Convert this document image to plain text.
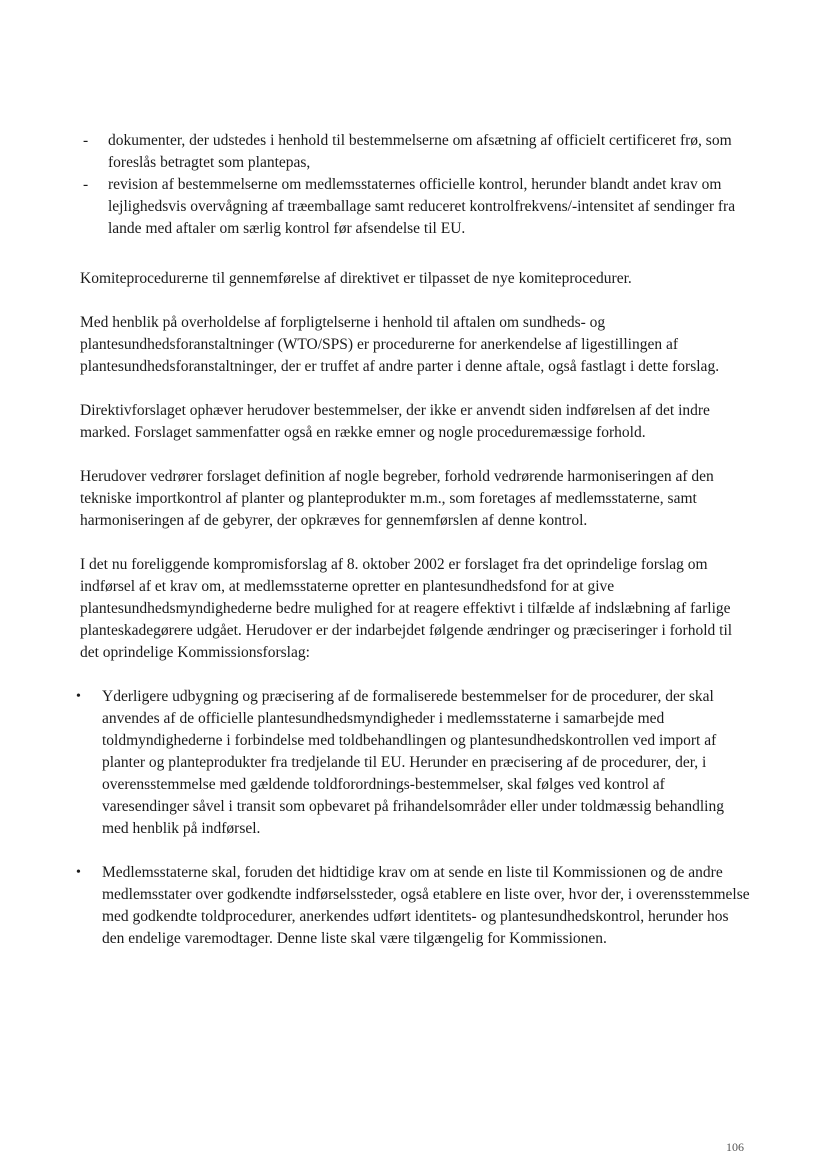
- dokumenter, der udstedes i henhold til bestemmelserne om afsætning af officielt certificeret frø, som foreslås betragtet som plantepas,
- revision af bestemmelserne om medlemsstaternes officielle kontrol, herunder blandt andet krav om lejlighedsvis overvågning af træemballage samt reduceret kontrolfrekvens/-intensitet af sendinger fra lande med aftaler om særlig kontrol før afsendelse til EU.

Komiteprocedurerne til gennemførelse af direktivet er tilpasset de nye komiteprocedurer.

Med henblik på overholdelse af forpligtelserne i henhold til aftalen om sundheds- og plantesundhedsforanstaltninger (WTO/SPS) er procedurerne for anerkendelse af ligestillingen af plantesundhedsforanstaltninger, der er truffet af andre parter i denne aftale, også fastlagt i dette forslag.

Direktivforslaget ophæver herudover bestemmelser, der ikke er anvendt siden indførelsen af det indre marked. Forslaget sammenfatter også en række emner og nogle proceduremæssige forhold.

Herudover vedrører forslaget definition af nogle begreber, forhold vedrørende harmoniseringen af den tekniske importkontrol af planter og planteprodukter m.m., som foretages af medlemsstaterne, samt harmoniseringen af de gebyrer, der opkræves for gennemførslen af denne kontrol.

I det nu foreliggende kompromisforslag af 8. oktober 2002 er forslaget fra det oprindelige forslag om indførsel af et krav om, at medlemsstaterne opretter en plantesundhedsfond for at give plantesundhedsmyndighederne bedre mulighed for at reagere effektivt i tilfælde af indslæbning af farlige planteskadegørere udgået. Herudover er der indarbejdet følgende ændringer og præciseringer i forhold til det oprindelige Kommissionsforslag:

• Yderligere udbygning og præcisering af de formaliserede bestemmelser for de procedurer, der skal anvendes af de officielle plantesundhedsmyndigheder i medlemsstaterne i samarbejde med toldmyndighederne i forbindelse med toldbehandlingen og plantesundhedskontrollen ved import af planter og planteprodukter fra tredjelande til EU. Herunder en præcisering af de procedurer, der, i overensstemmelse med gældende toldforordnings-bestemmelser, skal følges ved kontrol af varesendinger såvel i transit som opbevaret på frihandelsområder eller under toldmæssig behandling med henblik på indførsel.
• Medlemsstaterne skal, foruden det hidtidige krav om at sende en liste til Kommissionen og de andre medlemsstater over godkendte indførselssteder, også etablere en liste over, hvor der, i overensstemmelse med godkendte toldprocedurer, anerkendes udført identitets- og plantesundhedskontrol, herunder hos den endelige varemodtager. Denne liste skal være tilgængelig for Kommissionen.
106
